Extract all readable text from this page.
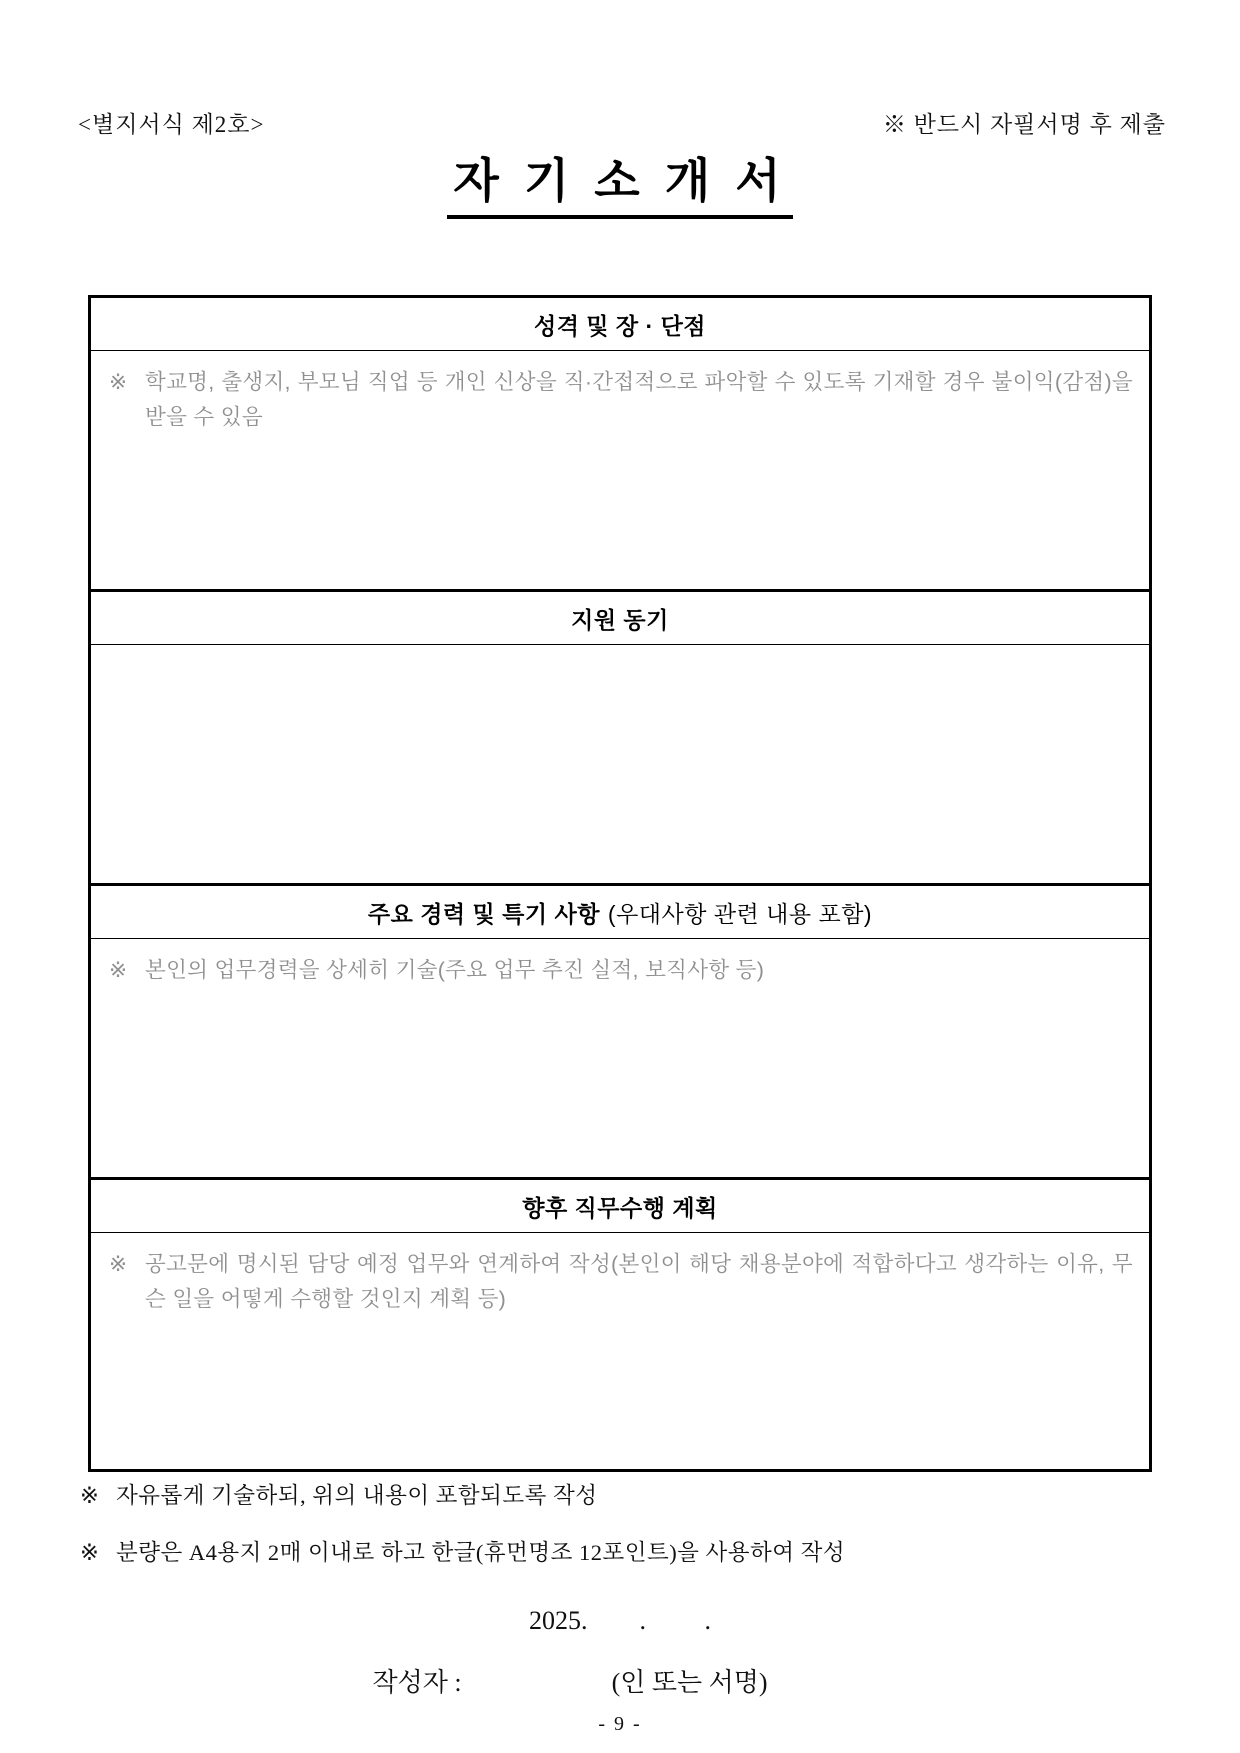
<별지서식 제2호>	※ 반드시 자필서명 후 제출
자 기 소 개 서
성격 및 장 · 단점
※ 학교명, 출생지, 부모님 직업 등 개인 신상을 직·간접적으로 파악할 수 있도록 기재할 경우 불이익(감점)을 받을 수 있음
지원 동기
주요 경력 및 특기 사항 (우대사항 관련 내용 포함)
※ 본인의 업무경력을 상세히 기술(주요 업무 추진 실적, 보직사항 등)
향후 직무수행 계획
※ 공고문에 명시된 담당 예정 업무와 연계하여 작성(본인이 해당 채용분야에 적합하다고 생각하는 이유, 무슨 일을 어떻게 수행할 것인지 계획 등)
※ 자유롭게 기술하되, 위의 내용이 포함되도록 작성
※ 분량은 A4용지 2매 이내로 하고 한글(휴먼명조 12포인트)을 사용하여 작성
2025.        .         .
작성자 :	(인 또는 서명)
- 9 -
